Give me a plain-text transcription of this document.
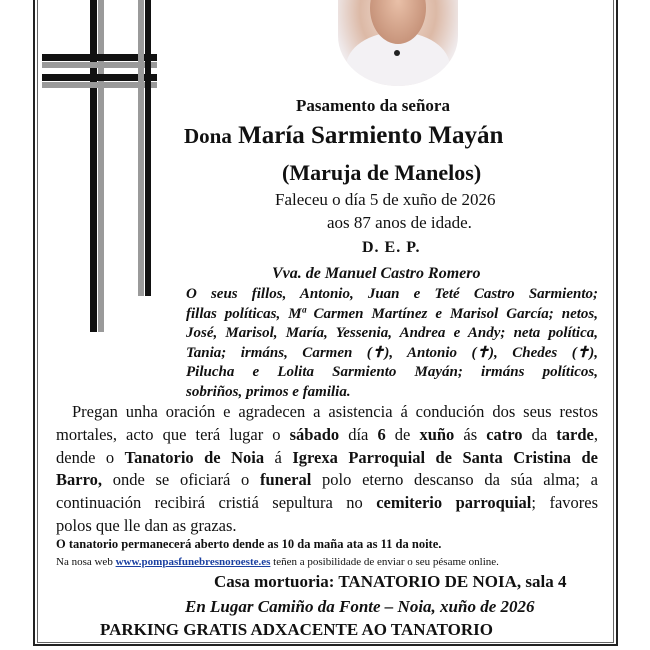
Pasamento da señora
Dona María Sarmiento Mayán
(Maruja de Manelos)
Faleceu o día 5 de xuño de 2026
aos 87 anos de idade.
D. E. P.
Vva. de Manuel Castro Romero
O seus fillos, Antonio, Juan e Teté Castro Sarmiento;
fillas políticas, Mª Carmen Martínez e Marisol García; netos,
José, Marisol, María, Yessenia, Andrea e Andy; neta política,
Tania; irmáns, Carmen (✝), Antonio (✝), Chedes (✝),
Pilucha e Lolita Sarmiento Mayán; irmáns políticos,
sobriños, primos e familia.
Pregan unha oración e agradecen a asistencia á condución dos seus restos
mortales, acto que terá lugar o sábado día 6 de xuño ás catro da tarde,
dende o Tanatorio de Noia á Igrexa Parroquial de Santa Cristina de
Barro, onde se oficiará o funeral polo eterno descanso da súa alma; a
continuación recibirá cristiá sepultura no cemiterio parroquial; favores
polos que lle dan as grazas.
O tanatorio permanecerá aberto dende as 10 da maña ata as 11 da noite.
Na nosa web www.pompasfunebresnoroeste.es teñen a posibilidade de enviar o seu pésame online.
Casa mortuoria: TANATORIO DE NOIA, sala 4
En Lugar Camiño da Fonte – Noia, xuño de 2026
PARKING GRATIS ADXACENTE AO TANATORIO
